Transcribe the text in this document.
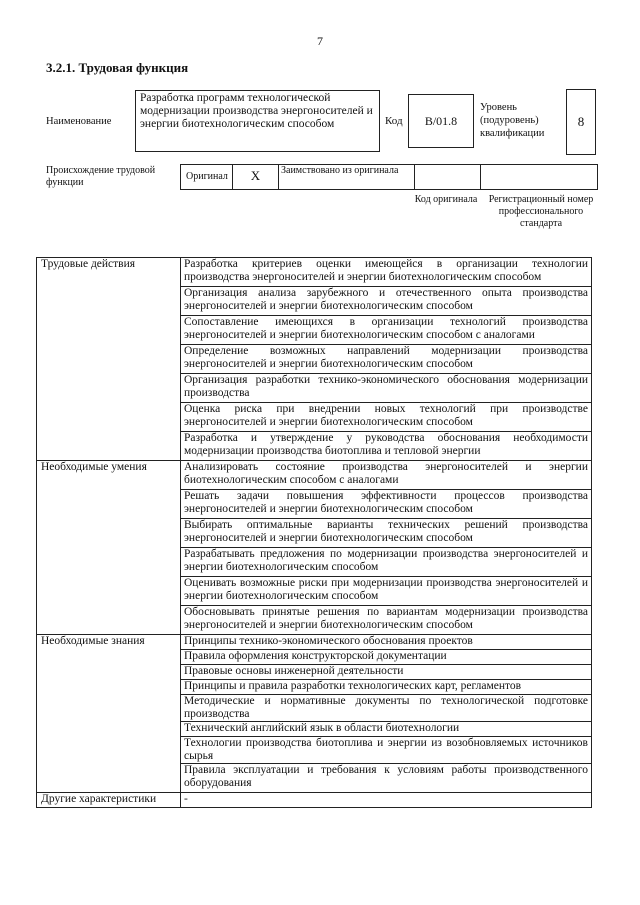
7
3.2.1. Трудовая функция
Наименование
Разработка программ технологической модернизации производства энергоносителей и энергии биотехнологическим способом	Код	B/01.8
Уровень (подуровень) квалификации
8
Происхождение трудовой функции
Оригинал	X	Заимствовано из оригинала
Код оригинала	Регистрационный номер профессионального стандарта
Трудовые действия	Разработка критериев оценки имеющейся в организации технологии производства энергоносителей и энергии биотехнологическим способом
	Организация анализа зарубежного и отечественного опыта производства энергоносителей и энергии биотехнологическим способом
	Сопоставление имеющихся в организации технологий производства энергоносителей и энергии биотехнологическим способом с аналогами
	Определение возможных направлений модернизации производства энергоносителей и энергии биотехнологическим способом
	Организация разработки технико-экономического обоснования модернизации производства
	Оценка риска при внедрении новых технологий при производстве энергоносителей и энергии биотехнологическим способом
	Разработка и утверждение у руководства обоснования необходимости модернизации производства биотоплива и тепловой энергии
Необходимые умения	Анализировать состояние производства энергоносителей и энергии биотехнологическим способом с аналогами
	Решать задачи повышения эффективности процессов производства энергоносителей и энергии биотехнологическим способом
	Выбирать оптимальные варианты технических решений производства энергоносителей и энергии биотехнологическим способом
	Разрабатывать предложения по модернизации производства энергоносителей и энергии биотехнологическим способом
	Оценивать возможные риски при модернизации производства энергоносителей и энергии биотехнологическим способом
	Обосновывать принятые решения по вариантам модернизации производства энергоносителей и энергии биотехнологическим способом
Необходимые знания	Принципы технико-экономического обоснования проектов
	Правила оформления конструкторской документации
	Правовые основы инженерной деятельности
	Принципы и правила разработки технологических карт, регламентов
	Методические и нормативные документы по технологической подготовке производства
	Технический английский язык в области биотехнологии
	Технологии производства биотоплива и энергии из возобновляемых источников сырья
	Правила эксплуатации и требования к условиям работы производственного оборудования
Другие характеристики	-
